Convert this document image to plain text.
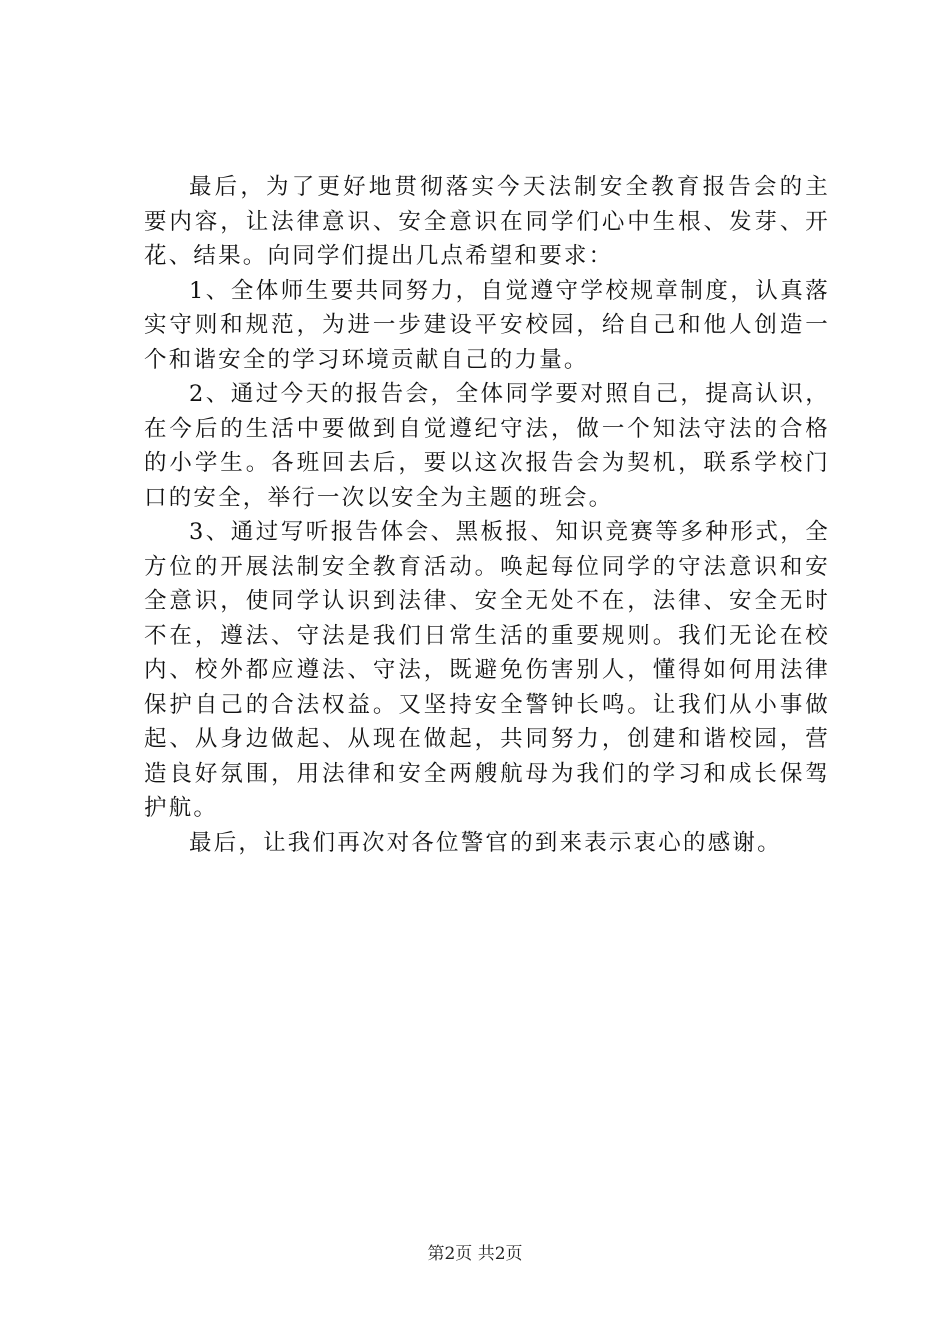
最后，为了更好地贯彻落实今天法制安全教育报告会的主要内容，让法律意识、安全意识在同学们心中生根、发芽、开花、结果。向同学们提出几点希望和要求：

1、全体师生要共同努力，自觉遵守学校规章制度，认真落实守则和规范，为进一步建设平安校园，给自己和他人创造一个和谐安全的学习环境贡献自己的力量。

2、通过今天的报告会，全体同学要对照自己，提高认识，在今后的生活中要做到自觉遵纪守法，做一个知法守法的合格的小学生。各班回去后，要以这次报告会为契机，联系学校门口的安全，举行一次以安全为主题的班会。

3、通过写听报告体会、黑板报、知识竞赛等多种形式，全方位的开展法制安全教育活动。唤起每位同学的守法意识和安全意识，使同学认识到法律、安全无处不在，法律、安全无时不在，遵法、守法是我们日常生活的重要规则。我们无论在校内、校外都应遵法、守法，既避免伤害别人，懂得如何用法律保护自己的合法权益。又坚持安全警钟长鸣。让我们从小事做起、从身边做起、从现在做起，共同努力，创建和谐校园，营造良好氛围，用法律和安全两艘航母为我们的学习和成长保驾护航。

最后，让我们再次对各位警官的到来表示衷心的感谢。

第2页 共2页
